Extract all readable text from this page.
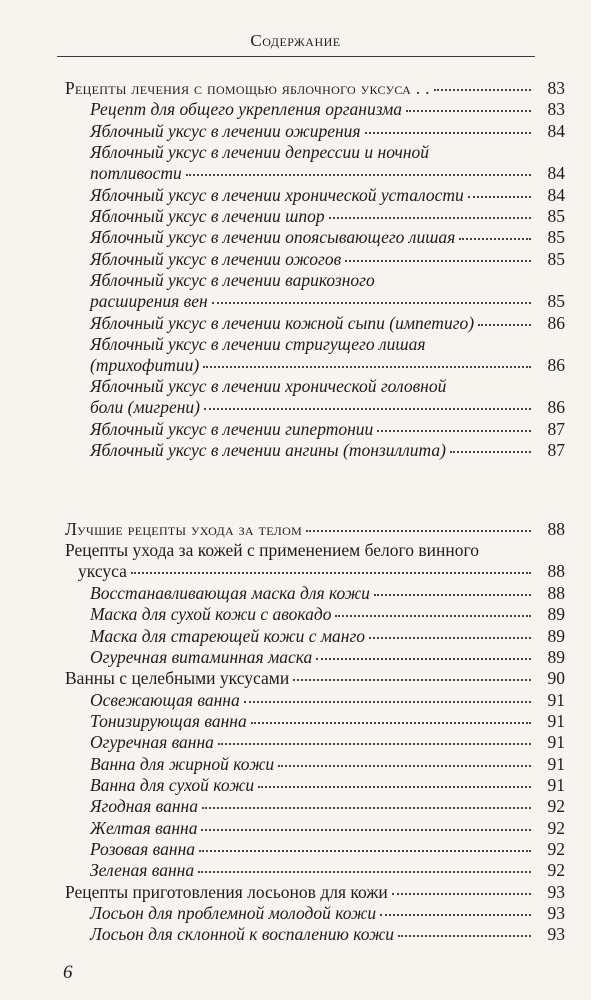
Содержание
Рецепты лечения с помощью яблочного уксуса . .	83
Рецепт для общего укрепления организма	83
Яблочный уксус в лечении ожирения	84
Яблочный уксус в лечении депрессии и ночной
потливости	84
Яблочный уксус в лечении хронической усталости	84
Яблочный уксус в лечении шпор	85
Яблочный уксус в лечении опоясывающего лишая	85
Яблочный уксус в лечении ожогов	85
Яблочный уксус в лечении варикозного
расширения вен	85
Яблочный уксус в лечении кожной сыпи (импетиго)	86
Яблочный уксус в лечении стригущего лишая
(трихофитии)	86
Яблочный уксус в лечении хронической головной
боли (мигрени)	86
Яблочный уксус в лечении гипертонии	87
Яблочный уксус в лечении ангины (тонзиллита)	87
Лучшие рецепты ухода за телом	88
Рецепты ухода за кожей с применением белого винного
уксуса	88
Восстанавливающая маска для кожи	88
Маска для сухой кожи с авокадо	89
Маска для стареющей кожи с манго	89
Огуречная витаминная маска	89
Ванны с целебными уксусами	90
Освежающая ванна	91
Тонизирующая ванна	91
Огуречная ванна	91
Ванна для жирной кожи	91
Ванна для сухой кожи	91
Ягодная ванна	92
Желтая ванна	92
Розовая ванна	92
Зеленая ванна	92
Рецепты приготовления лосьонов для кожи	93
Лосьон для проблемной молодой кожи	93
Лосьон для склонной к воспалению кожи	93
6
